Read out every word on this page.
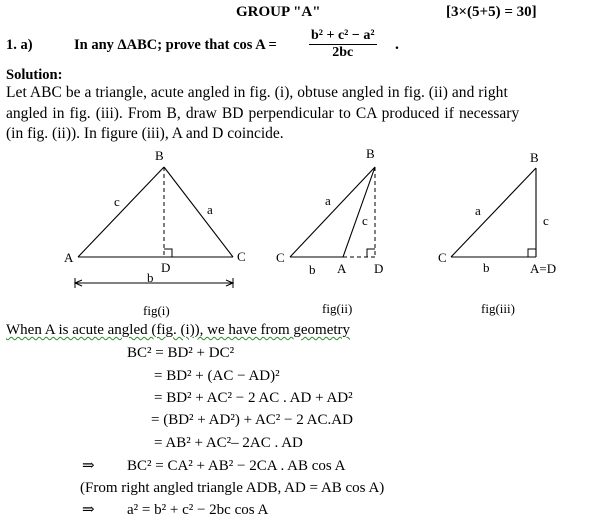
GROUP "A"	[3×(5+5) = 30]
1. a)	In any ΔABC; prove that $\cos A = \frac{\text{b² + c² − a²}}{2bc}$ .
Solution:
Let ABC be a triangle, acute angled in fig. (i), obtuse angled in fig. (ii) and right
angled in fig. (iii). From B, draw BD perpendicular to CA produced if necessary
(in fig. (ii)). In figure (iii), A and D coincide.
B
A	C
D
c
a
b
fig(i)
B
C
A D
a
c
b
fig(ii)
B
C
A=D
a
c
b
fig(iii)
When A is acute angled (fig. (i)), we have from geometry
BC² = BD² + DC²
= BD² + (AC − AD)²
= BD² + AC² − 2 AC . AD + AD²
= (BD² + AD²) + AC² − 2 AC.AD
= AB² + AC²– 2AC . AD
⇒ BC² = CA² + AB² − 2CA . AB cos A
(From right angled triangle ADB, AD = AB cos A)
⇒ a² = b² + c² − 2bc cos A
